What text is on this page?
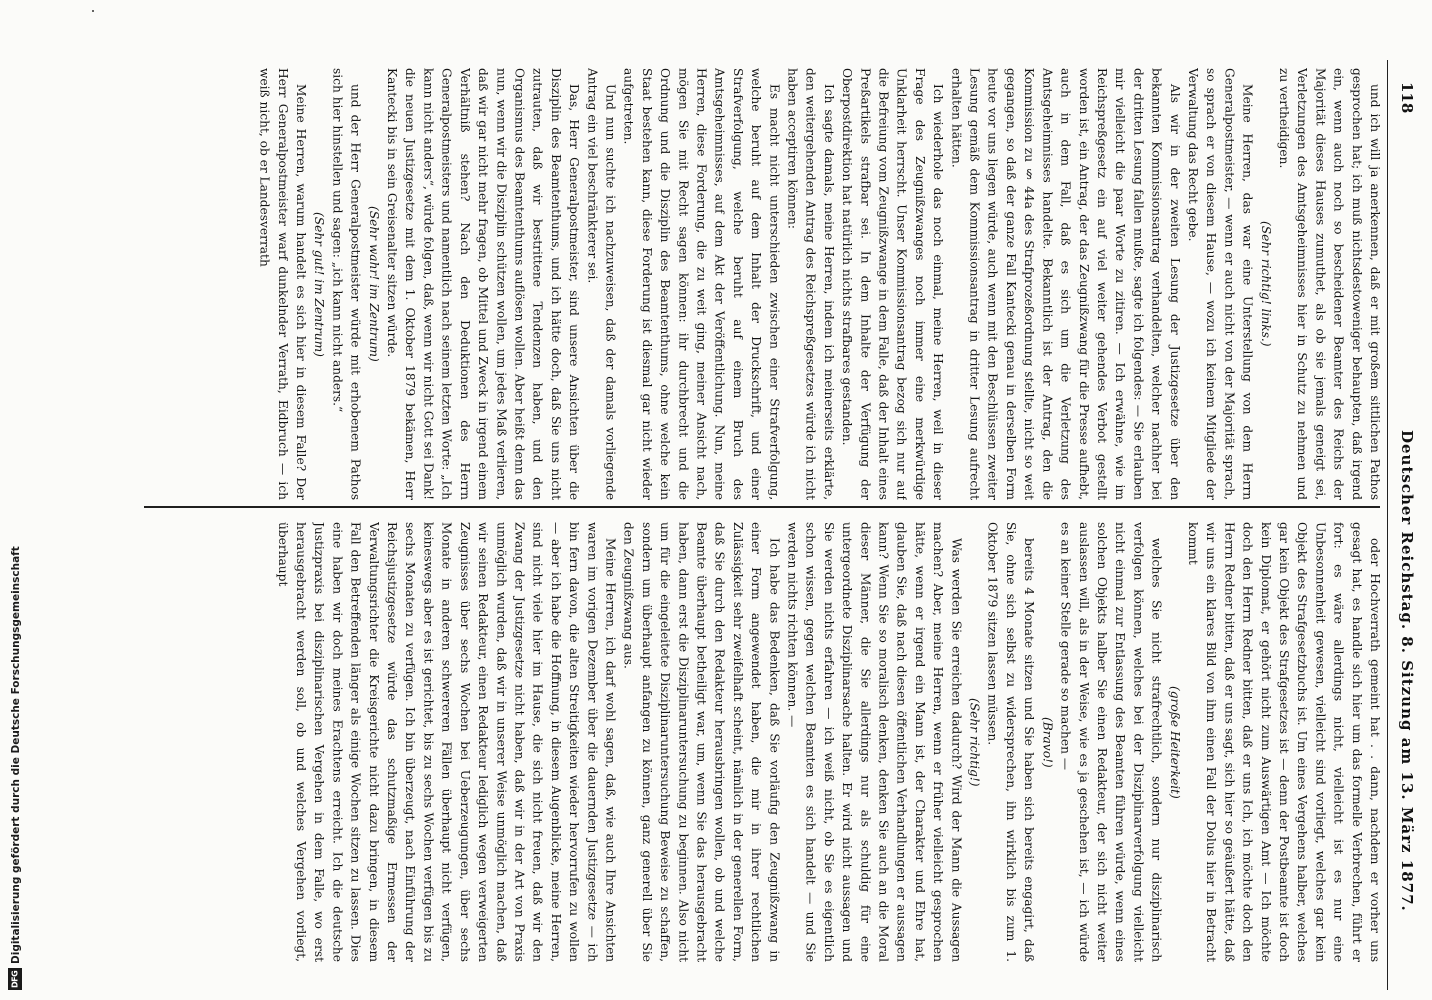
Digitalisierung gefördert durch die Deutsche Forschungsgemeinschaft
DFG
118
Deutscher Reichstag. 8. Sitzung am 13. März 1877.

und ich will ja anerkennen, daß er mit großem sittlichen Pathos gesprochen hat; ich muß nichtsdestoweniger behaupten, daß irgend ein, wenn auch noch so bescheidener Beamter des Reichs der Majorität dieses Hauses zumuthet, als ob sie jemals geneigt sei, Verletzungen des Amtsgeheimnisses hier in Schutz zu nehmen und zu vertheidigen.

(Sehr richtig! links.)

Meine Herren, das war eine Unterstellung von dem Herrn Generalpostmeister, — wenn er auch nicht von der Majorität sprach, so sprach er von diesem Hause, — wozu ich keinem Mitgliede der Verwaltung das Recht gebe.

Als wir in der zweiten Lesung der Justizgesetze über den bekannten Kommissionsantrag verhandelten, welcher nachher bei der dritten Lesung fallen mußte, sagte ich folgendes: — Sie erlauben mir vielleicht die paar Worte zu zitiren. — Ich erwähne, wie im Reichspreßgesetz ein auf viel weiter gehendes Verbot gestellt worden ist, ein Antrag, der das Zeugnißzwang für die Presse aufhebt, auch in dem Fall, daß es sich um die Verletzung des Amtsgeheimnisses handelte. Bekanntlich ist der Antrag, den die Kommission zu § 44a des Strafprozeßordnung stellte, nicht so weit gegangen, so daß der ganze Fall Kantecki genau in derselben Form heute vor uns liegen würde, auch wenn mit den Beschlüssen zweiter Lesung gemäß dem Kommissionsantrag in dritter Lesung aufrecht erhalten hätten.

Ich wiederhole das noch einmal, meine Herren, weil in dieser Frage des Zeugnißzwanges noch immer eine merkwürdige Unklarheit herrscht. Unser Kommissionsantrag bezog sich nur auf die Befreiung vom Zeugnißzwange in dem Falle, daß der Inhalt eines Preßartikels strafbar sei. In dem Inhalte der Verfügung der Oberpostdirektion hat natürlich nichts strafbares gestanden.

Ich sagte damals, meine Herren, indem ich meinerseits erklärte, den weitergehenden Antrag des Reichspreßgesetzes würde ich nicht haben acceptiren können:

Es macht nicht unterschieden zwischen einer Strafverfolgung, welche beruht auf dem Inhalt der Druckschrift, und einer Strafverfolgung, welche beruht auf einem Bruch des Amtsgeheimnisses, auf dem Akt der Veröffentlichung. Nun, meine Herren, diese Forderung, die zu weit ging, meiner Ansicht nach, mögen Sie mit Recht sagen können: ihr durchbrecht und die Ordnung und die Disziplin des Beamtenthums, ohne welche kein Staat bestehen kann, diese Forderung ist diesmal gar nicht wieder aufgetreten.

Und nun suchte ich nachzuweisen, daß der damals vorliegende Antrag ein viel beschränkterer sei.

Das, Herr Generalpostmeister, sind unsere Ansichten über die Disziplin des Beamtenthums, und ich hätte doch, daß Sie uns nicht zutrauten, daß wir bestrittene Tendenzen haben, und den Organismus des Beamtenthums auflösen wollen. Aber heißt denn das nun, wenn wir die Disziplin schützen wollen, um jedes Maß verlieren, daß wir gar nicht mehr fragen, ob Mittel und Zweck in irgend einem Verhältniß stehen? Nach den Deduktionen des Herrn Generalpostmeisters und namentlich nach seinem letzten Worte: „Ich kann nicht anders“, würde folgen, daß, wenn wir nicht Gott sei Dank! die neuen Justizgesetze mit dem 1. Oktober 1879 bekämen, Herr Kantecki bis in sein Greisenalter sitzen würde.

(Sehr wahr! im Zentrum)

und der Herr Generalpostmeister würde mit erhobenem Pathos sich hier hinstellen und sagen: „ich kann nicht anders.“

(Sehr gut! im Zentrum)

Meine Herren, warum handelt es sich hier in diesem Falle? Der Herr Generalpostmeister warf dunkelnder Verrath, Eidbruch — ich weiß nicht, ob er Landesverrath

oder Hochverrath gemeint hat . . dann, nachdem er vorher uns gesagt hat, es handle sich hier um das formelle Verbrechen, führt er fort: es wäre allerdings nicht, vielleicht ist es nur eine Unbesonnenheit gewesen, vielleicht sind vorliegt, welches gar kein Objekt des Strafgesetzbuchs ist. Um eines Vergehens halber, welches gar kein Objekt des Strafgesetzes ist — denn der Postbeamte ist doch kein Diplomat, er gehört nicht zum Auswärtigen Amt — Ich möchte doch den Herrn Redner bitten, daß er uns Ich, ich möchte doch den Herrn Redner bitten, daß er uns sagt, sich hier so geäußert hätte, daß wir uns ein klares Bild von ihm einen Fall der Dolus hier in Betracht kommt

(große Heiterkeit)

welches Sie nicht strafrechtlich, sondern nur disziplinarisch verfolgen können, welches bei der Disziplinarverfolgung vielleicht nicht einmal zur Entlassung des Beamten führen würde, wenn eines solchen Objekts halber Sie einen Redakteur, der sich nicht weiter auslassen will, als in der Weise, wie es ja geschehen ist, — ich würde es an keiner Stelle gerade so machen —

(Bravo!)

bereits 4 Monate sitzen und Sie haben sich bereits engagirt, daß Sie, ohne sich selbst zu widersprechen, ihn wirklich bis zum 1. Oktober 1879 sitzen lassen müssen.

(Sehr richtig!)

Was werden Sie erreichen dadurch? Wird der Mann die Aussagen machen? Aber, meine Herren, wenn er früher vielleicht gesprochen hätte, wenn er irgend ein Mann ist, der Charakter und Ehre hat, glauben Sie, daß nach diesen öffentlichen Verhandlungen er aussagen kann? Wenn Sie so moralisch denken, denken Sie auch an die Moral dieser Männer, die Sie allerdings nur als schuldig für eine untergeordnete Disziplinarsache halten. Er wird nicht aussagen und Sie werden nichts erfahren — ich weiß nicht, ob Sie es eigentlich schon wissen, gegen welchen Beamten es sich handelt — und Sie werden nichts richten können. —

Ich habe das Bedenken, daß Sie vorläufig den Zeugnißzwang in einer Form angewendet haben, die mir in ihrer rechtlichen Zulässigkeit sehr zweifelhaft scheint, nämlich in der generellen Form, daß Sie durch den Redakteur herausbringen wollen, ob und welche Beamte überhaupt betheiligt war, um, wenn Sie das herausgebracht haben, dann erst die Disziplinaruntersuchung zu beginnen. Also nicht um für die eingeleitete Disziplinaruntersuchung Beweise zu schaffen, sondern um überhaupt anfangen zu können, ganz generell über Sie den Zeugnißzwang aus.

Meine Herren, ich darf wohl sagen, daß, wie auch Ihre Ansichten waren im vorigen Dezember über die dauernden Justizgesetze — ich bin fern davon, die alten Streitigkeiten wieder hervorrufen zu wollen — aber ich habe die Hoffnung, in diesem Augenblicke, meine Herren, sind nicht viele hier im Hause, die sich nicht freuen, daß wir den Zwang der Justizgesetze nicht haben, daß wir in der Art von Praxis unmöglich wurden, daß wir in unserer Weise unmöglich machen, daß wir seinen Redakteur, einen Redakteur lediglich wegen verweigerten Zeugnisses über sechs Wochen bei Ueberzeugungen, über sechs Monate in anderen schwereren Fällen überhaupt nicht verfügen, keineswegs aber es ist gerichtet, bis zu sechs Wochen verfügen bis zu sechs Monaten zu verfügen. Ich bin überzeugt, nach Einführung der Reichsjustizgesetze würde das schutzmaßige Ermessen der Verwaltungsrichter die Kreisgerichte nicht dazu bringen, in diesem Fall den Betreffenden länger als einige Wochen sitzen zu lassen. Dies eine haben wir doch meines Erachtens erreicht. Ich die deutsche Justizpraxis bei disziplinarischen Vergehen in dem Falle, wo erst herausgebracht werden soll, ob und welches Vergehen vorliegt, überhaupt
